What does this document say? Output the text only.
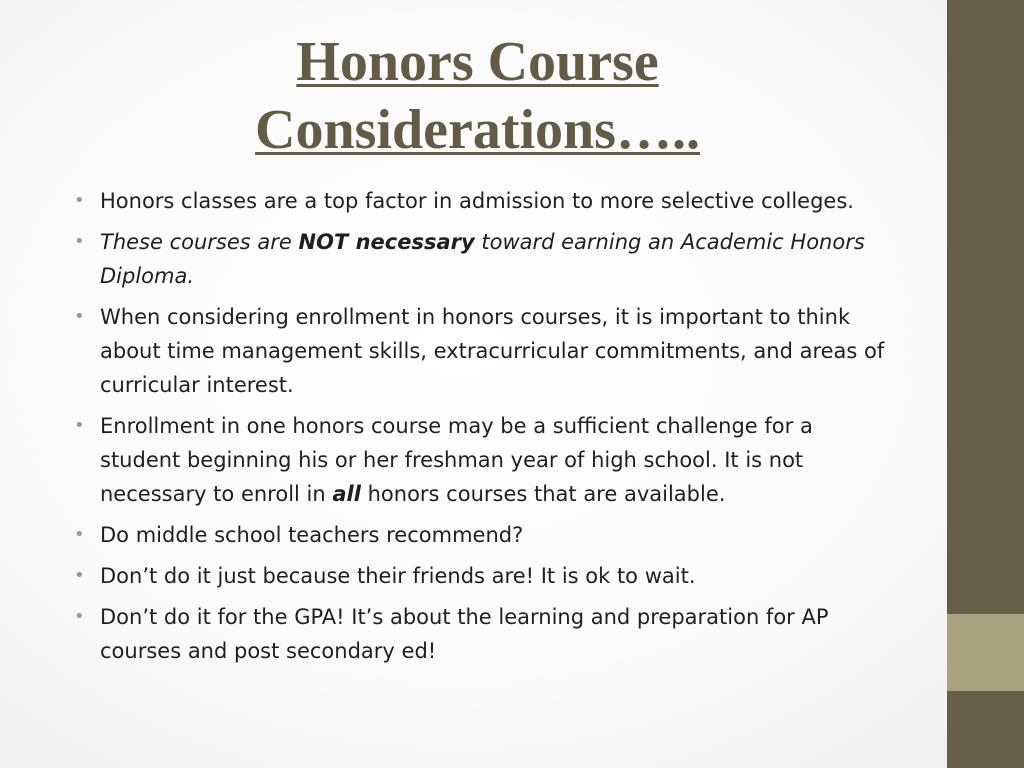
Honors Course
Considerations…..
• Honors classes are a top factor in admission to more selective colleges.
• These courses are NOT necessary toward earning an Academic Honors Diploma.
• When considering enrollment in honors courses, it is important to think about time management skills, extracurricular commitments, and areas of curricular interest.
• Enrollment in one honors course may be a sufficient challenge for a student beginning his or her freshman year of high school. It is not necessary to enroll in all honors courses that are available.
• Do middle school teachers recommend?
• Don’t do it just because their friends are! It is ok to wait.
• Don’t do it for the GPA! It’s about the learning and preparation for AP courses and post secondary ed!
